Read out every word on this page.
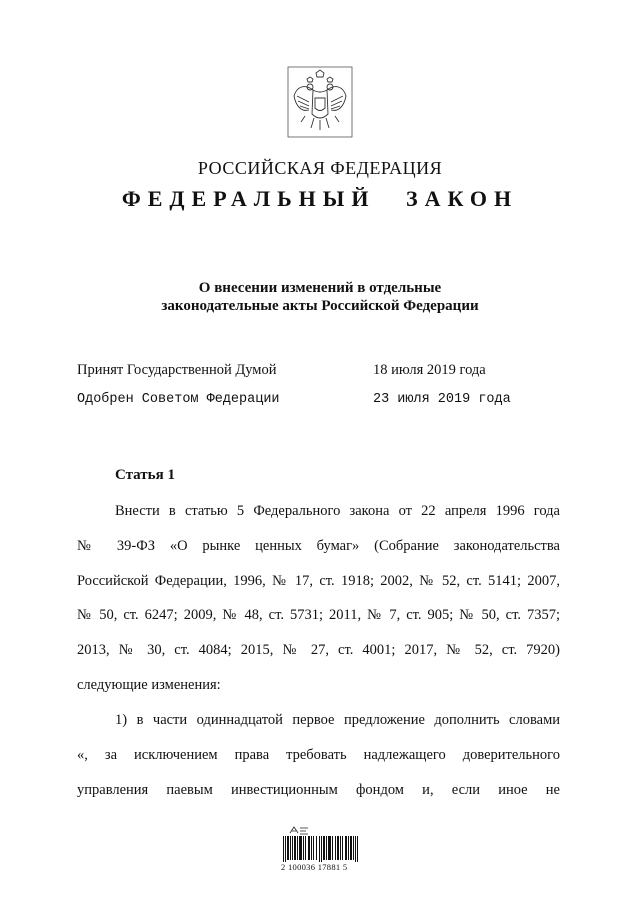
РОССИЙСКАЯ ФЕДЕРАЦИЯ
ФЕДЕРАЛЬНЫЙ ЗАКОН
О внесении изменений в отдельные
законодательные акты Российской Федерации
Принят Государственной Думой	18 июля 2019 года
Одобрен Советом Федерации	23 июля 2019 года
Статья 1
Внести в статью 5 Федерального закона от 22 апреля 1996 года
№ 39-ФЗ «О рынке ценных бумаг» (Собрание законодательства
Российской Федерации, 1996, № 17, ст. 1918; 2002, № 52, ст. 5141; 2007,
№ 50, ст. 6247; 2009, № 48, ст. 5731; 2011, № 7, ст. 905; № 50, ст. 7357;
2013, № 30, ст. 4084; 2015, № 27, ст. 4001; 2017, № 52, ст. 7920)
следующие изменения:
1) в части одиннадцатой первое предложение дополнить словами
«, за исключением права требовать надлежащего доверительного
управления паевым инвестиционным фондом и, если иное не
2 100036 17881 5
